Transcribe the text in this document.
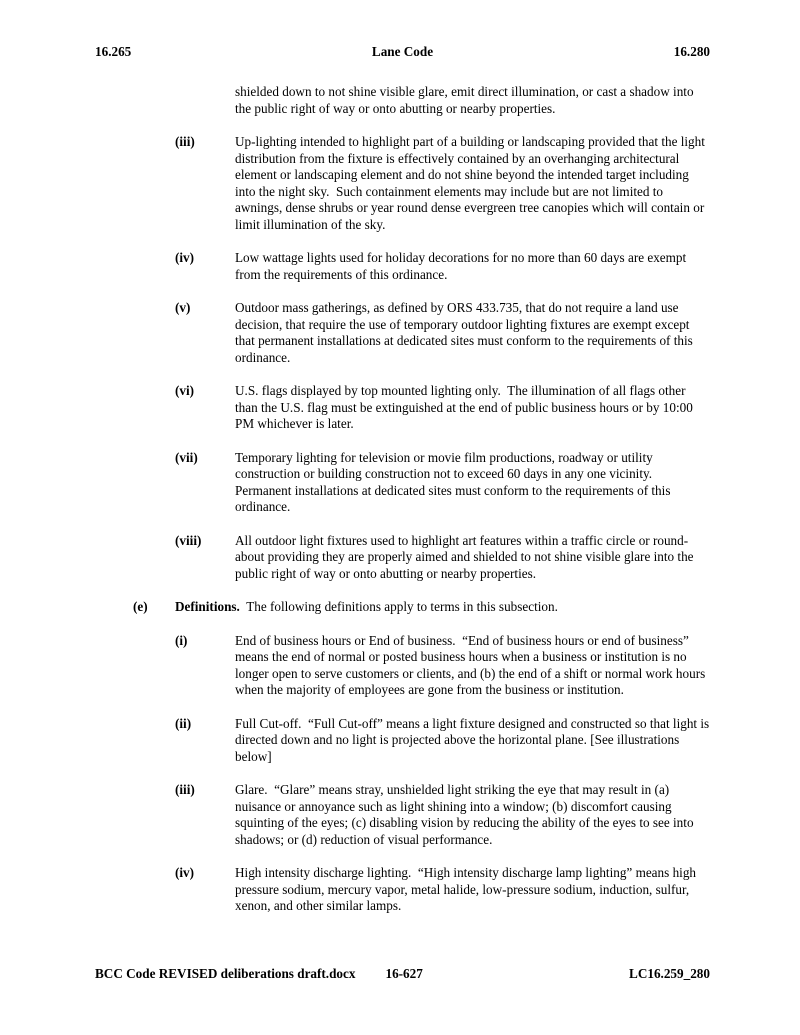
16.265	Lane Code	16.280

shielded down to not shine visible glare, emit direct illumination, or cast a shadow into the public right of way or onto abutting or nearby properties.

(iii)	Up-lighting intended to highlight part of a building or landscaping provided that the light distribution from the fixture is effectively contained by an overhanging architectural element or landscaping element and do not shine beyond the intended target including into the night sky.  Such containment elements may include but are not limited to awnings, dense shrubs or year round dense evergreen tree canopies which will contain or limit illumination of the sky.
(iv)	Low wattage lights used for holiday decorations for no more than 60 days are exempt from the requirements of this ordinance.
(v)	Outdoor mass gatherings, as defined by ORS 433.735, that do not require a land use decision, that require the use of temporary outdoor lighting fixtures are exempt except that permanent installations at dedicated sites must conform to the requirements of this ordinance.
(vi)	U.S. flags displayed by top mounted lighting only.  The illumination of all flags other than the U.S. flag must be extinguished at the end of public business hours or by 10:00 PM whichever is later.
(vii)	Temporary lighting for television or movie film productions, roadway or utility construction or building construction not to exceed 60 days in any one vicinity. Permanent installations at dedicated sites must conform to the requirements of this ordinance.
(viii)	All outdoor light fixtures used to highlight art features within a traffic circle or round-about providing they are properly aimed and shielded to not shine visible glare into the public right of way or onto abutting or nearby properties.
(e)	Definitions.  The following definitions apply to terms in this subsection.
(i)	End of business hours or End of business.  “End of business hours or end of business” means the end of normal or posted business hours when a business or institution is no longer open to serve customers or clients, and (b) the end of a shift or normal work hours when the majority of employees are gone from the business or institution.
(ii)	Full Cut-off.  “Full Cut-off” means a light fixture designed and constructed so that light is directed down and no light is projected above the horizontal plane. [See illustrations below]
(iii)	Glare.  “Glare” means stray, unshielded light striking the eye that may result in (a) nuisance or annoyance such as light shining into a window; (b) discomfort causing squinting of the eyes; (c) disabling vision by reducing the ability of the eyes to see into shadows; or (d) reduction of visual performance.
(iv)	High intensity discharge lighting.  “High intensity discharge lamp lighting” means high pressure sodium, mercury vapor, metal halide, low-pressure sodium, induction, sulfur, xenon, and other similar lamps.
BCC Code REVISED deliberations draft.docx 16-627	LC16.259_280
